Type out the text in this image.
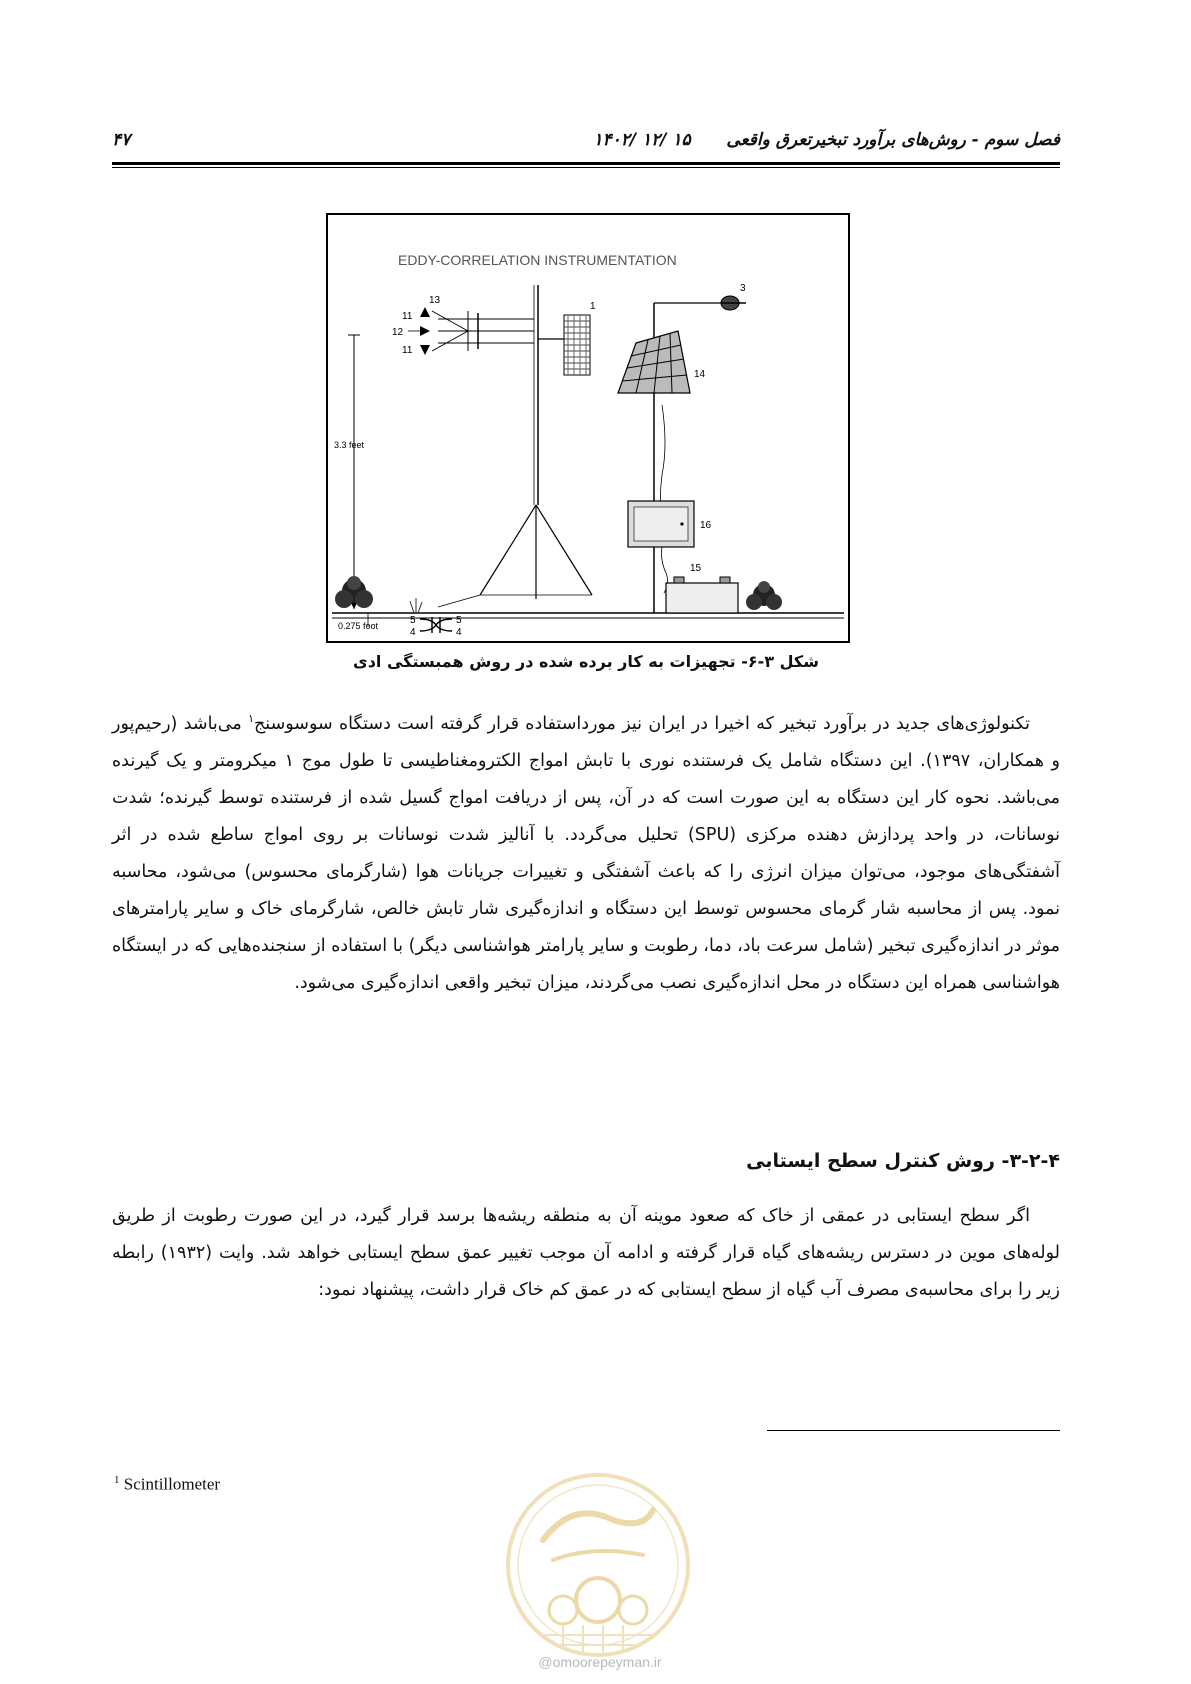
۴۷	۱۴۰۲/ ۱۲/ ۱۵	فصل سوم - روش‌های برآورد تبخیرتعرق واقعی
EDDY-CORRELATION INSTRUMENTATION
3.3 feet
13
11
12
11
1
3
14
16
15
0.275 foot	5
4
5
4
شکل ۳-۶- تجهیزات به کار برده شده در روش همبستگی ادی

تکنولوژی‌های جدید در برآورد تبخیر که اخیرا در ایران نیز مورداستفاده قرار گرفته است دستگاه سوسوسنج$^۱$ می‌باشد (رحیم‌پور و همکاران، ۱۳۹۷). این دستگاه شامل یک فرستنده نوری با تابش امواج الکترومغناطیسی تا طول موج ۱ میکرومتر و یک گیرنده می‌باشد. نحوه کار این دستگاه به این صورت است که در آن، پس از دریافت امواج گسیل شده از فرستنده توسط گیرنده؛ شدت نوسانات، در واحد پردازش دهنده مرکزی (SPU) تحلیل می‌گردد. با آنالیز شدت نوسانات بر روی امواج ساطع شده در اثر آشفتگی‌های موجود، می‌توان میزان انرژی را که باعث آشفتگی و تغییرات جریانات هوا (شارگرمای محسوس) می‌شود، محاسبه نمود. پس از محاسبه شار گرمای محسوس توسط این دستگاه و اندازه‌گیری شار تابش خالص، شارگرمای خاک و سایر پارامترهای موثر در اندازه‌گیری تبخیر (شامل سرعت باد، دما، رطوبت و سایر پارامتر هواشناسی دیگر) با استفاده از سنجنده‌هایی که در ایستگاه هواشناسی همراه این دستگاه در محل اندازه‌گیری نصب می‌گردند، میزان تبخیر واقعی اندازه‌گیری می‌شود.

۳-۲-۴- روش کنترل سطح ایستابی

اگر سطح ایستابی در عمقی از خاک که صعود موینه آن به منطقه ریشه‌ها برسد قرار گیرد، در این صورت رطوبت از طریق لوله‌های موین در دسترس ریشه‌های گیاه قرار گرفته و ادامه آن موجب تغییر عمق سطح ایستابی خواهد شد. وایت (۱۹۳۲) رابطه زیر را برای محاسبه‌ی مصرف آب گیاه از سطح ایستابی که در عمق کم خاک قرار داشت، پیشنهاد نمود:

$^1$ Scintillometer
@omoorepeyman.ir
